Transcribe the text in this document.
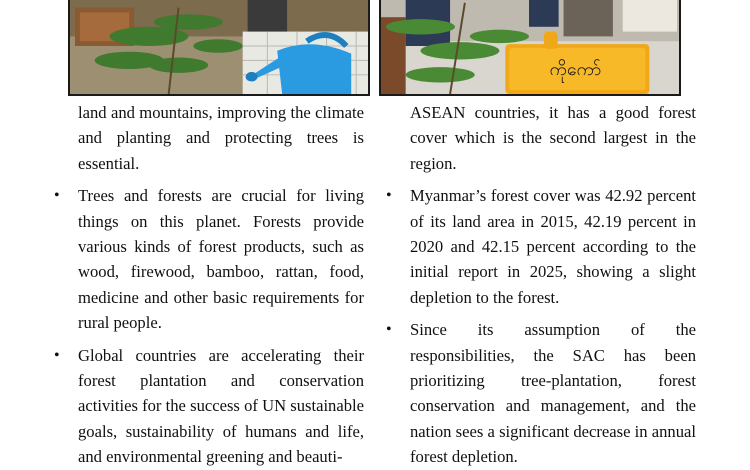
ကိုကော်

land and mountains, improving the climate and planting and protecting trees is essential.

• Trees and forests are crucial for living things on this planet. Forests provide various kinds of forest products, such as wood, firewood, bamboo, rattan, food, medicine and other basic requirements for rural people.

• Global countries are accelerating their forest plantation and conservation activities for the success of UN sustainable goals, sustainability of humans and life, and environmental greening and beauti-

ASEAN countries, it has a good forest cover which is the second largest in the region.

• Myanmar’s forest cover was 42.92 percent of its land area in 2015, 42.19 percent in 2020 and 42.15 percent according to the initial report in 2025, showing a slight depletion to the forest.

• Since its assumption of the responsibilities, the SAC has been prioritizing tree-plantation, forest conservation and management, and the nation sees a significant decrease in annual forest depletion.
